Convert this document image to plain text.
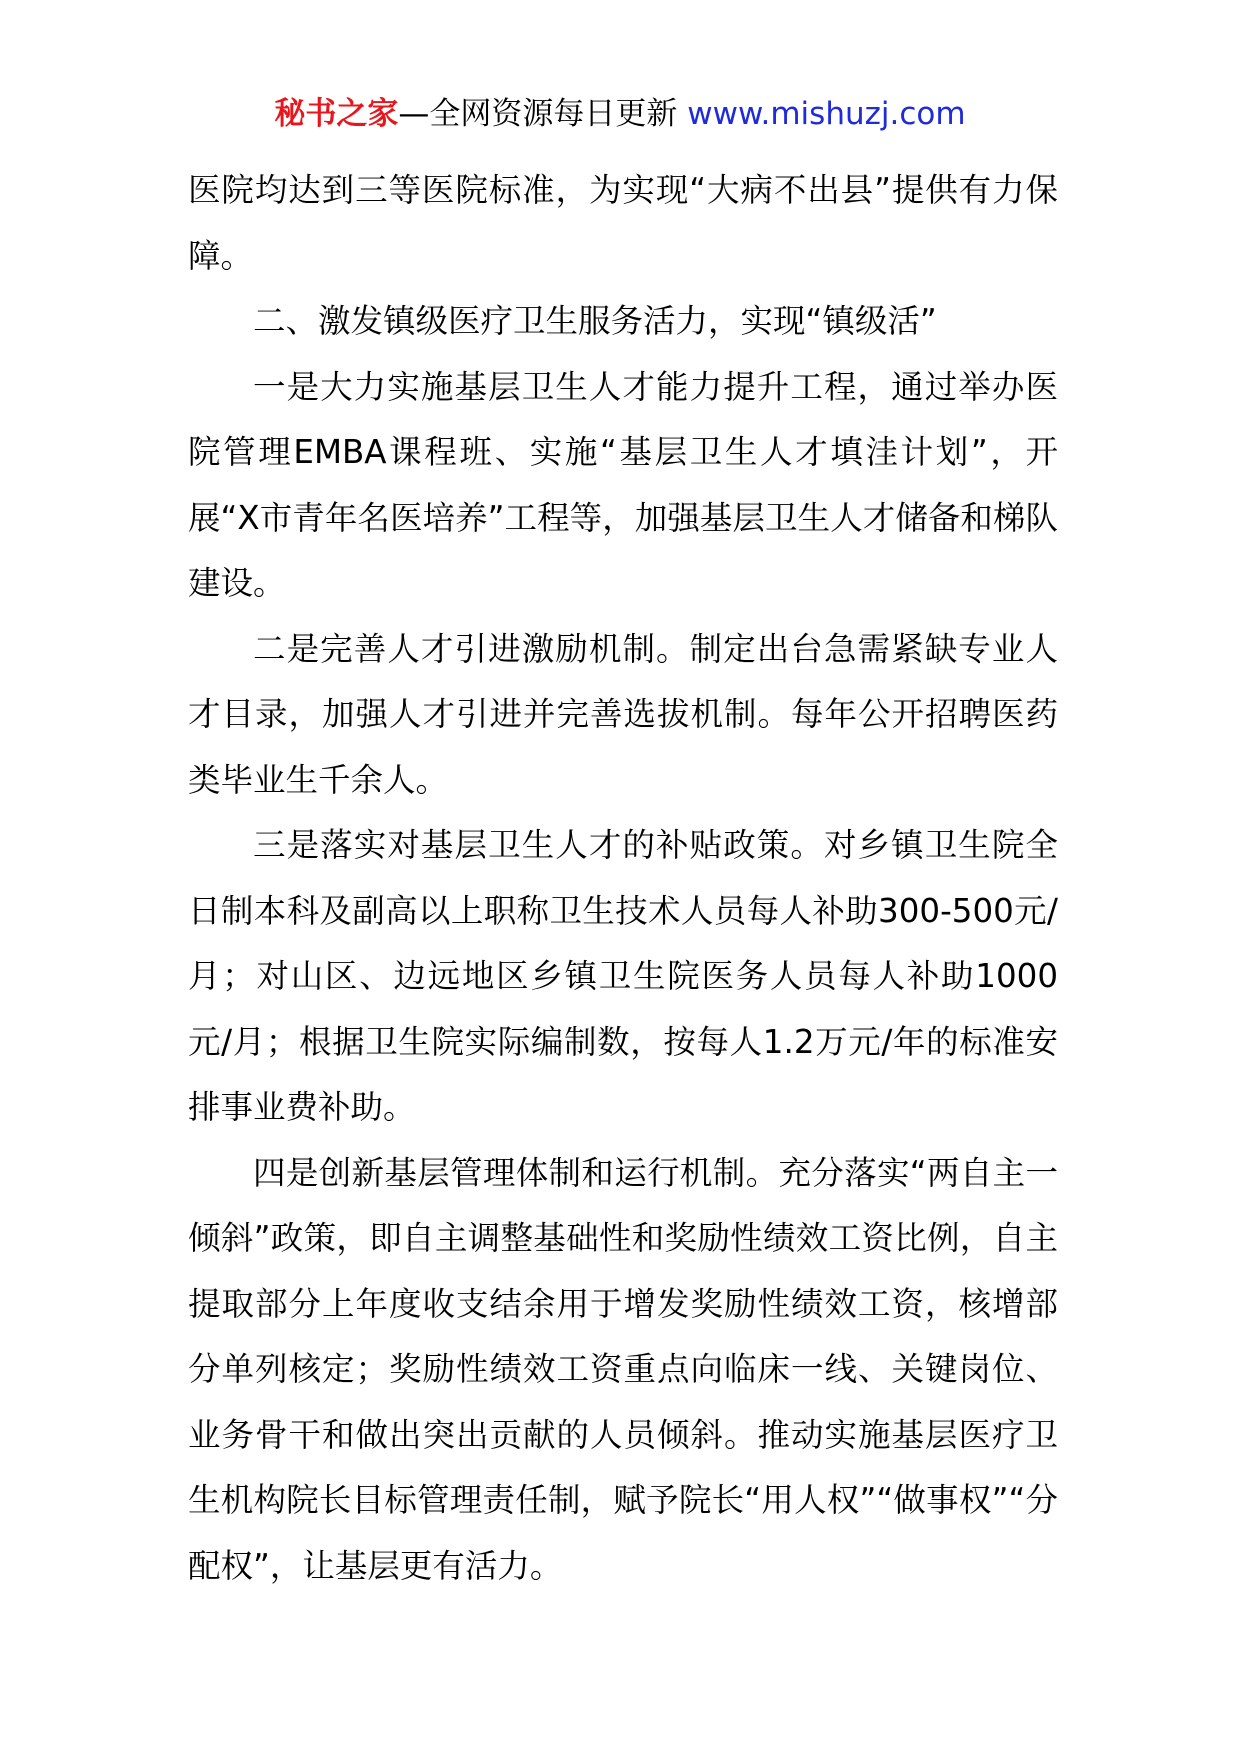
秘书之家—全网资源每日更新 www.mishuzj.com

医院均达到三等医院标准，为实现“大病不出县”提供有力保障。

二、激发镇级医疗卫生服务活力，实现“镇级活”

一是大力实施基层卫生人才能力提升工程，通过举办医院管理EMBA课程班、实施“基层卫生人才填洼计划”，开展“X市青年名医培养”工程等，加强基层卫生人才储备和梯队建设。

二是完善人才引进激励机制。制定出台急需紧缺专业人才目录，加强人才引进并完善选拔机制。每年公开招聘医药类毕业生千余人。

三是落实对基层卫生人才的补贴政策。对乡镇卫生院全日制本科及副高以上职称卫生技术人员每人补助300-500元/月；对山区、边远地区乡镇卫生院医务人员每人补助1000元/月；根据卫生院实际编制数，按每人1.2万元/年的标准安排事业费补助。

四是创新基层管理体制和运行机制。充分落实“两自主一倾斜”政策，即自主调整基础性和奖励性绩效工资比例，自主提取部分上年度收支结余用于增发奖励性绩效工资，核增部分单列核定；奖励性绩效工资重点向临床一线、关键岗位、业务骨干和做出突出贡献的人员倾斜。推动实施基层医疗卫生机构院长目标管理责任制，赋予院长“用人权”“做事权”“分配权”，让基层更有活力。
